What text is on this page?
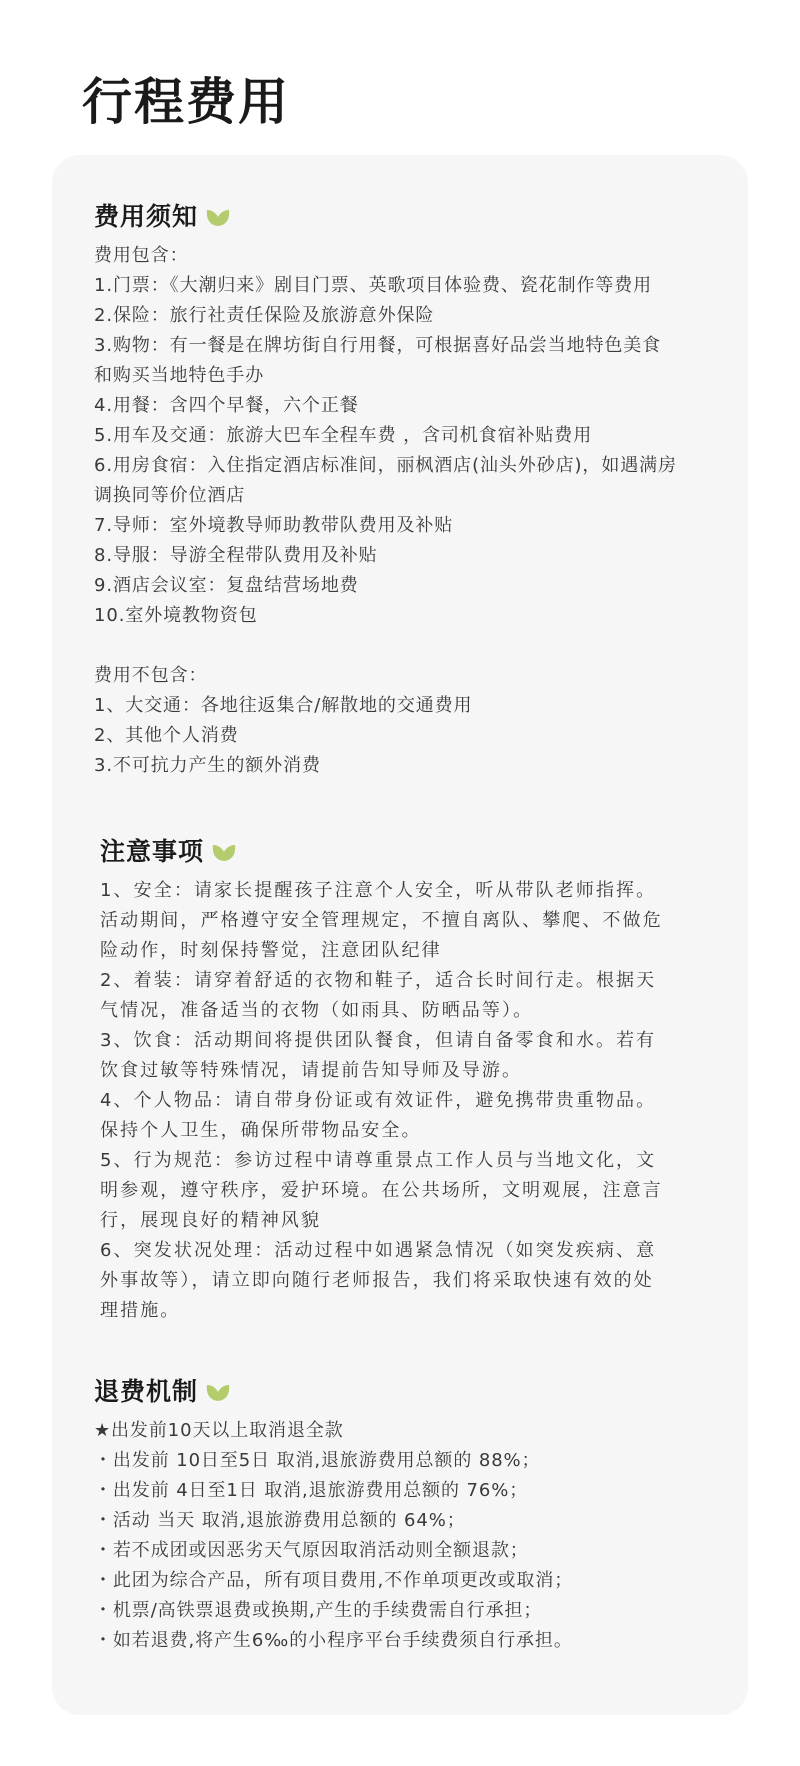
行程费用
费用须知
费用包含：
1.门票：《大潮归来》剧目门票、英歌项目体验费、瓷花制作等费用
2.保险：旅行社责任保险及旅游意外保险
3.购物：有一餐是在牌坊街自行用餐，可根据喜好品尝当地特色美食
和购买当地特色手办
4.用餐：含四个早餐，六个正餐
5.用车及交通：旅游大巴车全程车费 ，含司机食宿补贴费用
6.用房食宿：入住指定酒店标准间，丽枫酒店(汕头外砂店)，如遇满房
调换同等价位酒店
7.导师：室外境教导师助教带队费用及补贴
8.导服：导游全程带队费用及补贴
9.酒店会议室：复盘结营场地费
10.室外境教物资包
费用不包含：
1、大交通：各地往返集合/解散地的交通费用
2、其他个人消费
3.不可抗力产生的额外消费
注意事项
1、安全：请家长提醒孩子注意个人安全，听从带队老师指挥。
活动期间，严格遵守安全管理规定，不擅自离队、攀爬、不做危
险动作，时刻保持警觉，注意团队纪律
2、着装：请穿着舒适的衣物和鞋子，适合长时间行走。根据天
气情况，准备适当的衣物（如雨具、防晒品等）。
3、饮食：活动期间将提供团队餐食，但请自备零食和水。若有
饮食过敏等特殊情况，请提前告知导师及导游。
4、个人物品：请自带身份证或有效证件，避免携带贵重物品。
保持个人卫生，确保所带物品安全。
5、行为规范：参访过程中请尊重景点工作人员与当地文化，文
明参观，遵守秩序，爱护环境。在公共场所，文明观展，注意言
行，展现良好的精神风貌
6、突发状况处理：活动过程中如遇紧急情况（如突发疾病、意
外事故等），请立即向随行老师报告，我们将采取快速有效的处
理措施。
退费机制
★出发前10天以上取消退全款
・出发前 10日至5日 取消,退旅游费用总额的 88%；
・出发前 4日至1日 取消,退旅游费用总额的 76%；
・活动 当天 取消,退旅游费用总额的 64%；
・若不成团或因恶劣天气原因取消活动则全额退款；
・此团为综合产品，所有项目费用,不作单项更改或取消；
・机票/高铁票退费或换期,产生的手续费需自行承担；
・如若退费,将产生6‰的小程序平台手续费须自行承担。
